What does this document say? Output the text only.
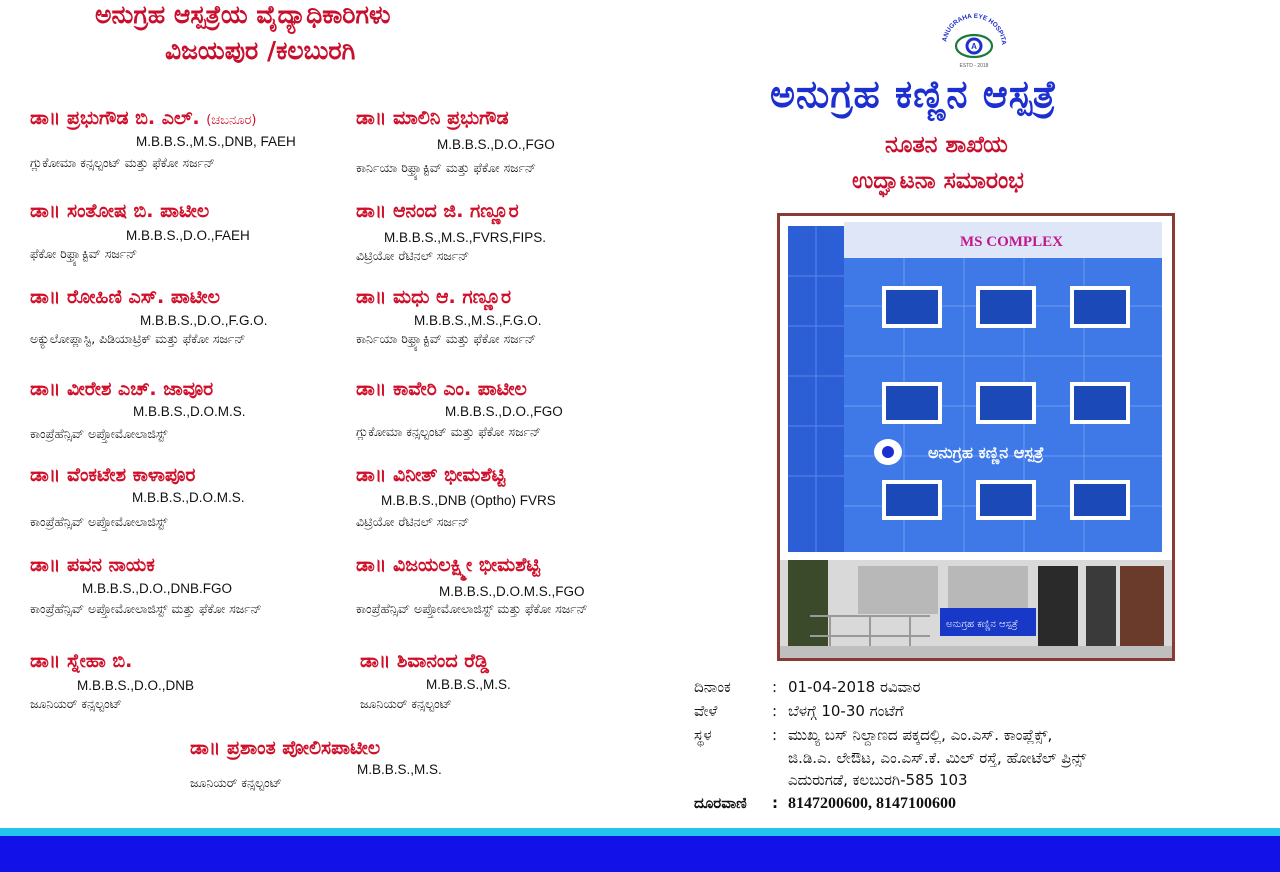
ಅನುಗ್ರಹ ಆಸ್ಪತ್ರೆಯ ವೈದ್ಯಾಧಿಕಾರಿಗಳು
ವಿಜಯಪುರ /ಕಲಬುರಗಿ
ಡಾ॥ ಪ್ರಭುಗೌಡ ಬಿ. ಎಲ್. (ಚಬನೂರ)
M.B.B.S.,M.S.,DNB, FAEH
ಗ್ಲುಕೋಮಾ ಕನ್ಸಲ್ಟಂಟ್ ಮತ್ತು ಫೆಕೋ ಸರ್ಜನ್
ಡಾ॥ ಸಂತೋಷ ಬಿ. ಪಾಟೀಲ
M.B.B.S.,D.O.,FAEH
ಫೆಕೋ ರಿಫ್ರ್ಯಾಕ್ಟಿವ್ ಸರ್ಜನ್
ಡಾ॥ ರೋಹಿಣಿ ಎಸ್. ಪಾಟೀಲ
M.B.B.S.,D.O.,F.G.O.
ಅಕ್ಯುಲೋಪ್ಲಾಸ್ಟಿ, ಪಿಡಿಯಾಟ್ರಿಕ್ ಮತ್ತು ಫೆಕೋ ಸರ್ಜನ್
ಡಾ॥ ವೀರೇಶ ಎಚ್. ಜಾವೂರ
M.B.B.S.,D.O.M.S.
ಕಾಂಪ್ರೆಹೆನ್ಸಿವ್ ಅಪ್ತೋಮೋಲಾಜಿಸ್ಟ್
ಡಾ॥ ವೆಂಕಟೇಶ ಕಾಳಾಪೂರ
M.B.B.S.,D.O.M.S.
ಕಾಂಪ್ರೆಹೆನ್ಸಿವ್ ಅಪ್ತೋಮೋಲಾಜಿಸ್ಟ್
ಡಾ॥ ಪವನ ನಾಯಕ
M.B.B.S.,D.O.,DNB.FGO
ಕಾಂಪ್ರೆಹೆನ್ಸಿವ್ ಅಪ್ತೋಮೋಲಾಜಿಸ್ಟ್ ಮತ್ತು ಫೆಕೋ ಸರ್ಜನ್
ಡಾ॥ ಸ್ನೇಹಾ ಬಿ.
M.B.B.S.,D.O.,DNB
ಜೂನಿಯರ್ ಕನ್ಸಲ್ಟಂಟ್
ಡಾ॥ ಮಾಲಿನಿ ಪ್ರಭುಗೌಡ
M.B.B.S.,D.O.,FGO
ಕಾರ್ನಿಯಾ ರಿಫ್ರ್ಯಾಕ್ಟಿವ್ ಮತ್ತು ಫೆಕೋ ಸರ್ಜನ್
ಡಾ॥ ಆನಂದ ಜಿ. ಗಣ್ಣೂರ
M.B.B.S.,M.S.,FVRS,FIPS.
ವಿಟ್ರಿಯೋ ರೆಟಿನಲ್ ಸರ್ಜನ್
ಡಾ॥ ಮಧು ಆ. ಗಣ್ಣೂರ
M.B.B.S.,M.S.,F.G.O.
ಕಾರ್ನಿಯಾ ರಿಫ್ರ್ಯಾಕ್ಟಿವ್ ಮತ್ತು ಫೆಕೋ ಸರ್ಜನ್
ಡಾ॥ ಕಾವೇರಿ ಎಂ. ಪಾಟೀಲ
M.B.B.S.,D.O.,FGO
ಗ್ಲುಕೋಮಾ ಕನ್ಸಲ್ಟಂಟ್ ಮತ್ತು ಫೆಕೋ ಸರ್ಜನ್
ಡಾ॥ ವಿನೀತ್ ಭೀಮಶೆಟ್ಟಿ
M.B.B.S.,DNB (Optho) FVRS
ವಿಟ್ರಿಯೋ ರೆಟಿನಲ್ ಸರ್ಜನ್
ಡಾ॥ ವಿಜಯಲಕ್ಷ್ಮೀ ಭೀಮಶೆಟ್ಟಿ
M.B.B.S.,D.O.M.S.,FGO
ಕಾಂಪ್ರೆಹೆನ್ಸಿವ್ ಅಪ್ತೋಮೋಲಾಜಿಸ್ಟ್ ಮತ್ತು ಫೆಕೋ ಸರ್ಜನ್
ಡಾ॥ ಶಿವಾನಂದ ರೆಡ್ಡಿ
M.B.B.S.,M.S.
ಜೂನಿಯರ್ ಕನ್ಸಲ್ಟಂಟ್
ಡಾ॥ ಪ್ರಶಾಂತ ಪೋಲಿಸಪಾಟೀಲ
M.B.B.S.,M.S.
ಜೂನಿಯರ್ ಕನ್ಸಲ್ಟಂಟ್
ANUGRAHA EYE HOSPITA
A
ESTD - 2018
ಅನುಗ್ರಹ ಕಣ್ಣಿನ ಆಸ್ಪತ್ರೆ
ನೂತನ ಶಾಖೆಯ
ಉದ್ಘಾಟನಾ ಸಮಾರಂಭ
MS COMPLEX
ಅನುಗ್ರಹ ಕಣ್ಣಿನ ಆಸ್ಪತ್ರೆ
ಅನುಗ್ರಹ ಕಣ್ಣಿನ ಆಸ್ಪತ್ರೆ
ದಿನಾಂಕ	: 01-04-2018 ರವಿವಾರ
ವೇಳೆ	: ಬೆಳಗ್ಗೆ 10-30 ಗಂಟೆಗೆ
ಸ್ಥಳ	: ಮುಖ್ಯ ಬಸ್ ನಿಲ್ದಾಣದ ಪಕ್ಕದಲ್ಲಿ, ಎಂ.ಎಸ್. ಕಾಂಪ್ಲೆಕ್ಸ್,
ಜಿ.ಡಿ.ಎ. ಲೇಔಟ, ಎಂ.ಎಸ್.ಕೆ. ಮಿಲ್ ರಸ್ತೆ, ಹೋಟೆಲ್ ಪ್ರಿನ್ಸ್
ಎದುರುಗಡೆ, ಕಲಬುರಗಿ-585 103
ದೂರವಾಣಿ : 8147200600, 8147100600
